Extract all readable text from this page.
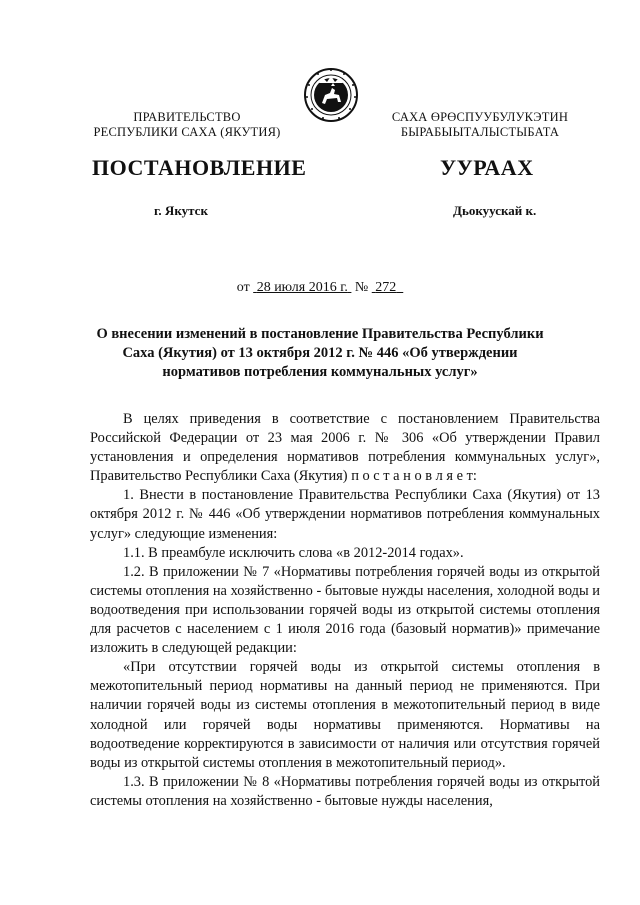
ПРАВИТЕЛЬСТВО
РЕСПУБЛИКИ САХА (ЯКУТИЯ)
САХА ӨРӨСПУУБУЛУКЭТИН
БЫРАБЫЫТАЛЫСТЫБАТА
ПОСТАНОВЛЕНИЕ	УУРААХ
г. Якутск	Дьокуускай к.
от 28 июля 2016 г. № 272
О внесении изменений в постановление Правительства Республики Саха (Якутия) от 13 октября 2012 г. № 446 «Об утверждении нормативов потребления коммунальных услуг»

В целях приведения в соответствие с постановлением Правительства Российской Федерации от 23 мая 2006 г. № 306 «Об утверждении Правил установления и определения нормативов потребления коммунальных услуг», Правительство Республики Саха (Якутия) п о с т а н о в л я е т:

1. Внести в постановление Правительства Республики Саха (Якутия) от 13 октября 2012 г. № 446 «Об утверждении нормативов потребления коммунальных услуг» следующие изменения:

1.1. В преамбуле исключить слова «в 2012-2014 годах».

1.2. В приложении № 7 «Нормативы потребления горячей воды из открытой системы отопления на хозяйственно - бытовые нужды населения, холодной воды и водоотведения при использовании горячей воды из открытой системы отопления для расчетов с населением с 1 июля 2016 года (базовый норматив)» примечание изложить в следующей редакции:

«При отсутствии горячей воды из открытой системы отопления в межотопительный период нормативы на данный период не применяются. При наличии горячей воды из системы отопления в межотопительный период в виде холодной или горячей воды нормативы применяются. Нормативы на водоотведение корректируются в зависимости от наличия или отсутствия горячей воды из открытой системы отопления в межотопительный период».

1.3. В приложении № 8 «Нормативы потребления горячей воды из открытой системы отопления на хозяйственно - бытовые нужды населения,
